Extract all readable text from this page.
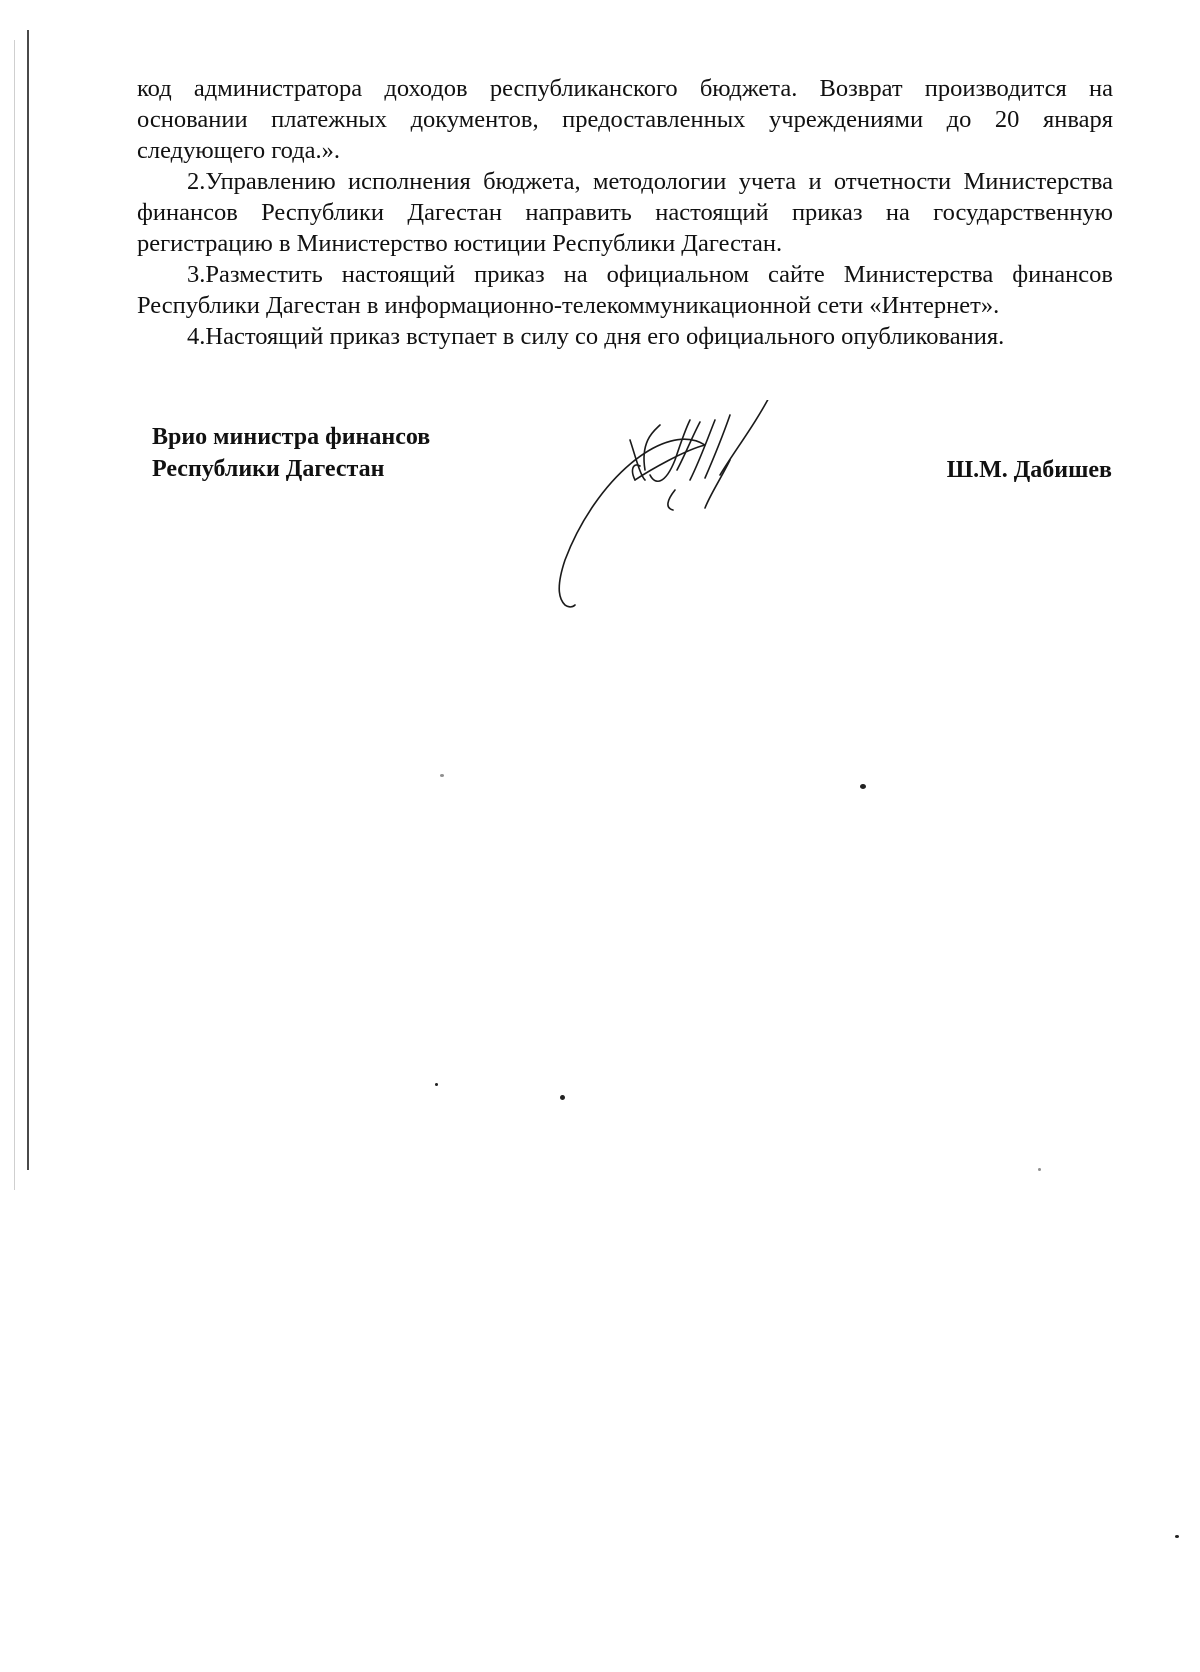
код администратора доходов республиканского бюджета. Возврат производится на основании платежных документов, предоставленных учреждениями до 20 января следующего года.».

2.Управлению исполнения бюджета, методологии учета и отчетности Министерства финансов Республики Дагестан направить настоящий приказ на государственную регистрацию в Министерство юстиции Республики Дагестан.

3.Разместить настоящий приказ на официальном сайте Министерства финансов Республики Дагестан в информационно-телекоммуникационной сети «Интернет».

4.Настоящий приказ вступает в силу со дня его официального опубликования.

Врио министра финансов
Республики Дагестан	Ш.М. Дабишев
